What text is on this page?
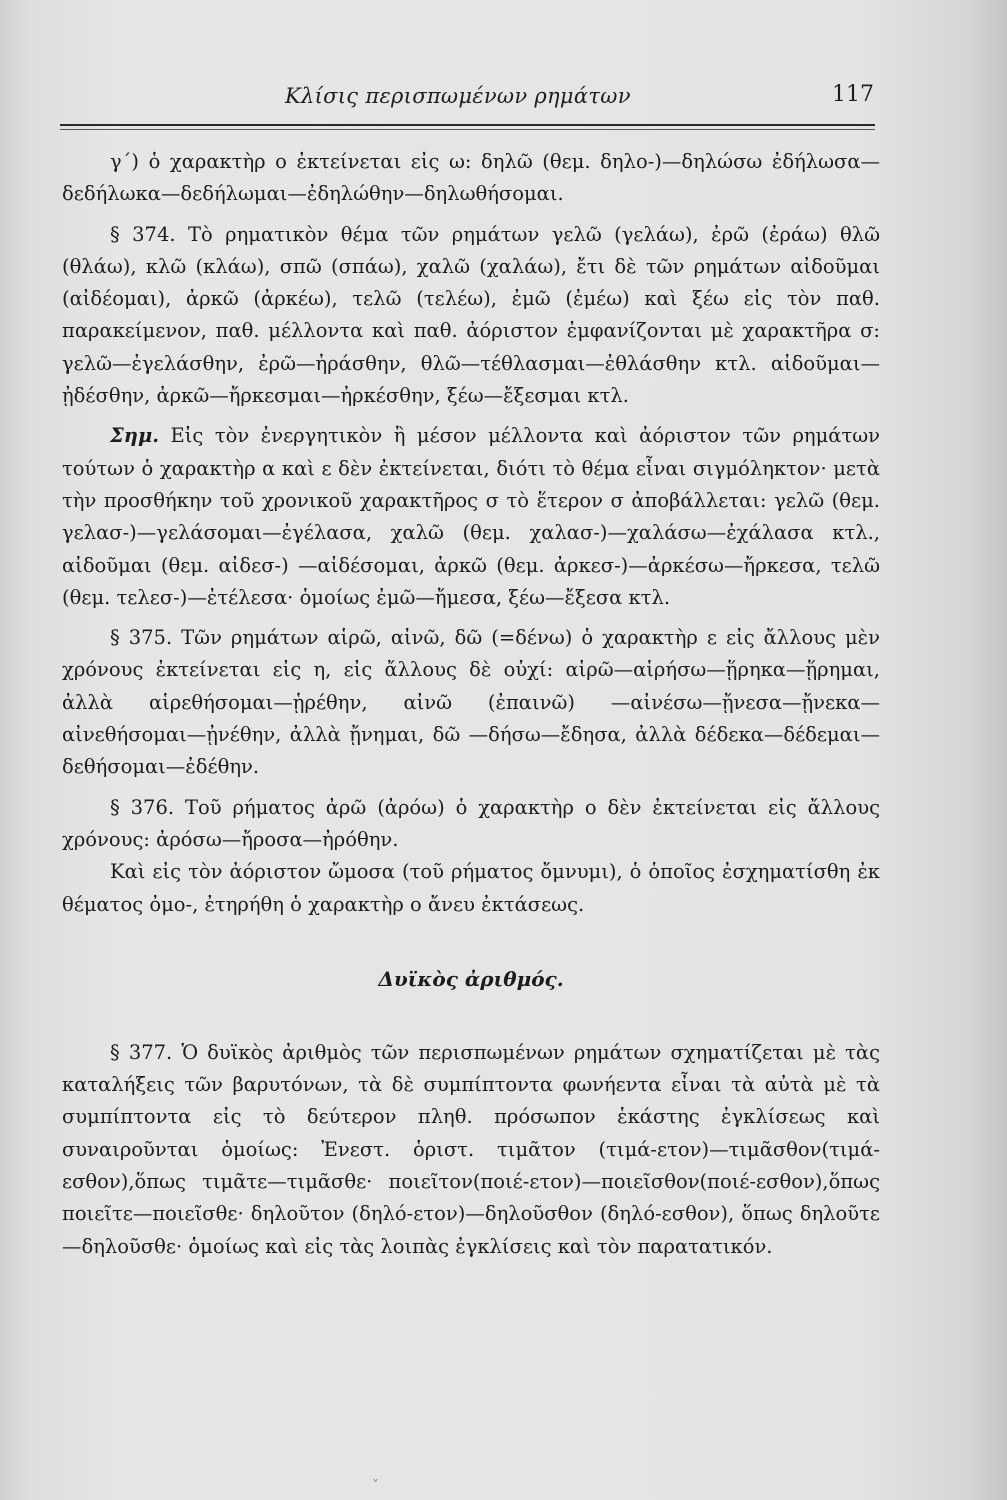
Κλίσις περισπωμένων ρημάτων	117

γ΄) ὁ χαρακτὴρ ο ἐκτείνεται εἰς ω: δηλῶ (θεμ. δηλο-)—δηλώσω ἐδήλωσα—δεδήλωκα—δεδήλωμαι—ἐδηλώθην—δηλωθήσομαι.

§ 374. Τὸ ρηματικὸν θέμα τῶν ρημάτων γελῶ (γελάω), ἐρῶ (ἐράω) θλῶ (θλάω), κλῶ (κλάω), σπῶ (σπάω), χαλῶ (χαλάω), ἔτι δὲ τῶν ρημάτων αἰδοῦμαι (αἰδέομαι), ἀρκῶ (ἀρκέω), τελῶ (τελέω), ἐμῶ (ἐμέω) καὶ ξέω εἰς τὸν παθ. παρακείμενον, παθ. μέλλοντα καὶ παθ. ἀόριστον ἐμφανίζονται μὲ χαρακτῆρα σ: γελῶ—ἐγελάσθην, ἐρῶ—ἠράσθην, θλῶ—τέθλασμαι—ἐθλάσθην κτλ. αἰδοῦμαι—ᾐδέσθην, ἀρκῶ—ἤρκεσμαι—ἠρκέσθην, ξέω—ἔξεσμαι κτλ.

Σημ. Εἰς τὸν ἐνεργητικὸν ἢ μέσον μέλλοντα καὶ ἀόριστον τῶν ρημάτων τούτων ὁ χαρακτὴρ α καὶ ε δὲν ἐκτείνεται, διότι τὸ θέμα εἶναι σιγμόληκτον· μετὰ τὴν προσθήκην τοῦ χρονικοῦ χαρακτῆρος σ τὸ ἕτερον σ ἀποβάλλεται: γελῶ (θεμ. γελασ-)—γελάσομαι—ἐγέλασα, χαλῶ (θεμ. χαλασ-)—χαλάσω—ἐχάλασα κτλ., αἰδοῦμαι (θεμ. αἰδεσ-) —αἰδέσομαι, ἀρκῶ (θεμ. ἀρκεσ-)—ἀρκέσω—ἤρκεσα, τελῶ (θεμ. τελεσ-)—ἐτέλεσα· ὁμοίως ἐμῶ—ἤμεσα, ξέω—ἔξεσα κτλ.

§ 375. Τῶν ρημάτων αἱρῶ, αἰνῶ, δῶ (=δένω) ὁ χαρακτὴρ ε εἰς ἄλλους μὲν χρόνους ἐκτείνεται εἰς η, εἰς ἄλλους δὲ οὐχί: αἱρῶ—αἱρήσω—ᾕρηκα—ᾕρημαι, ἀλλὰ αἱρεθήσομαι—ᾑρέθην, αἰνῶ (ἐπαινῶ) —αἰνέσω—ᾔνεσα—ᾔνεκα—αἰνεθήσομαι—ᾐνέθην, ἀλλὰ ᾔνημαι, δῶ —δήσω—ἔδησα, ἀλλὰ δέδεκα—δέδεμαι—δεθήσομαι—ἐδέθην.

§ 376. Τοῦ ρήματος ἀρῶ (ἀρόω) ὁ χαρακτὴρ ο δὲν ἐκτείνεται εἰς ἄλλους χρόνους: ἀρόσω—ἤροσα—ἠρόθην.

Καὶ εἰς τὸν ἀόριστον ὤμοσα (τοῦ ρήματος ὄμνυμι), ὁ ὁποῖος ἐσχηματίσθη ἐκ θέματος ὀμο-, ἐτηρήθη ὁ χαρακτὴρ ο ἄνευ ἐκτάσεως.

Δυϊκὸς ἀριθμός.

§ 377. Ὁ δυϊκὸς ἀριθμὸς τῶν περισπωμένων ρημάτων σχηματίζεται μὲ τὰς καταλήξεις τῶν βαρυτόνων, τὰ δὲ συμπίπτοντα φωνήεντα εἶναι τὰ αὐτὰ μὲ τὰ συμπίπτοντα εἰς τὸ δεύτερον πληθ. πρόσωπον ἑκάστης ἐγκλίσεως καὶ συναιροῦνται ὁμοίως: Ἐνεστ. ὁριστ. τιμᾶτον (τιμά-ετον)—τιμᾶσθον(τιμά-εσθον),ὅπως τιμᾶτε—τιμᾶσθε· ποιεῖτον(ποιέ-ετον)—ποιεῖσθον(ποιέ-εσθον),ὅπως ποιεῖτε—ποιεῖσθε· δηλοῦτον (δηλό-ετον)—δηλοῦσθον (δηλό-εσθον), ὅπως δηλοῦτε—δηλοῦσθε· ὁμοίως καὶ εἰς τὰς λοιπὰς ἐγκλίσεις καὶ τὸν παρατατικόν.

ˇ
